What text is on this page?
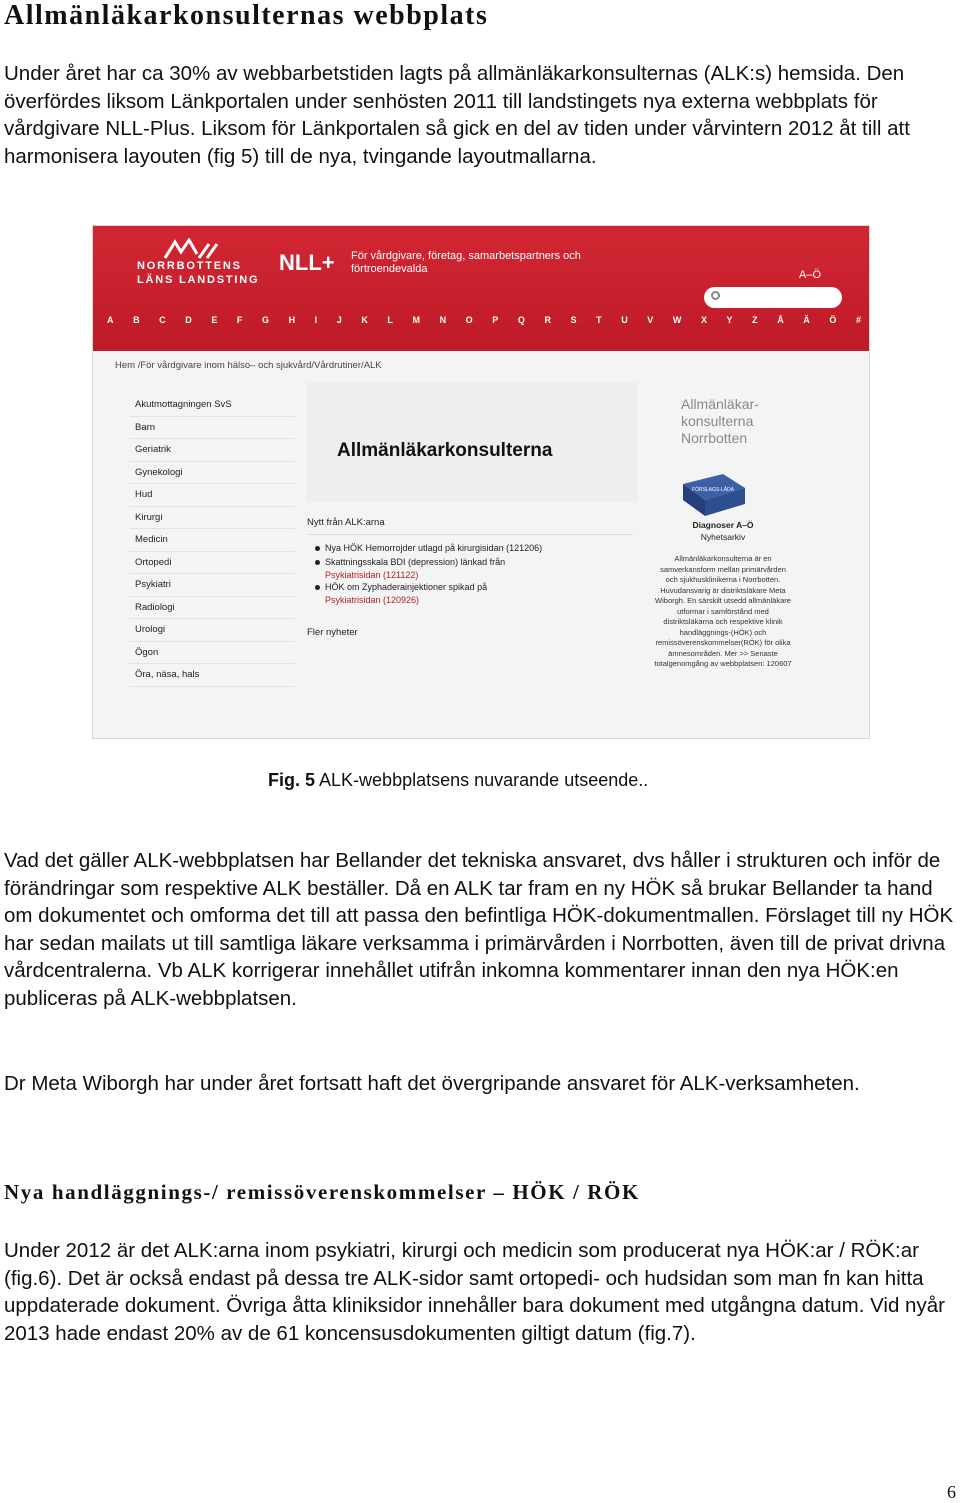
Allmänläkarkonsulternas webbplats

Under året har ca 30% av webbarbetstiden lagts på allmänläkarkonsulternas (ALK:s) hemsida. Den överfördes liksom Länkportalen under senhösten 2011 till landstingets nya externa webbplats för vårdgivare NLL-Plus. Liksom för Länkportalen så gick en del av tiden under vårvintern 2012 åt till att harmonisera layouten (fig 5) till de nya, tvingande layoutmallarna.

NORRBOTTENS
LÄNS LANDSTING
NLL+ För vårdgivare, företag, samarbetspartners och förtroendevalda	A–Ö
A B C D E F G H I J K L M N O P Q R S T U V W X Y Z Å Ä Ö #
Hem /För vårdgivare inom hälso– och sjukvård/Vårdrutiner/ALK
Akutmottagningen SvS
Barn
Geriatrik
Gynekologi
Hud
Kirurgi
Medicin
Ortopedi
Psykiatri
Radiologi
Urologi
Ögon
Öra, näsa, hals
Allmänläkarkonsulterna
Nytt från ALK:arna
Nya HÖK Hemorrojder utlagd på kirurgisidan (121206)
Skattningsskala BDI (depression) länkad från
Psykiatrisidan (121122)
HÖK om Zyphaderainjektioner spikad på
Psykiatrisidan (120926)
Fler nyheter
Allmänläkar-konsulterna Norrbotten
FÖRSLAGS-LÅDA
Diagnoser A–Ö
Nyhetsarkiv
Allmänläkarkonsulterna är en samverkansform mellan primärvården och sjukhusklinikerna i Norrbotten. Huvudansvarig är distriktsläkare Meta Wiborgh. En särskilt utsedd allmänläkare utformar i samförstånd med distriktsläkarna och respektive klinik handläggnings-(HÖK) och remissöverenskommelser(RÖK) för olika ämnesområden. Mer >> Senaste totalgenomgång av webbplatsen: 120607
Fig. 5 ALK-webbplatsens nuvarande utseende..

Vad det gäller ALK-webbplatsen har Bellander det tekniska ansvaret, dvs håller i strukturen och inför de förändringar som respektive ALK beställer. Då en ALK tar fram en ny HÖK så brukar Bellander ta hand om dokumentet och omforma det till att passa den befintliga HÖK-dokumentmallen. Förslaget till ny HÖK har sedan mailats ut till samtliga läkare verksamma i primärvården i Norrbotten, även till de privat drivna vårdcentralerna. Vb ALK korrigerar innehållet utifrån inkomna kommentarer innan den nya HÖK:en publiceras på ALK-webbplatsen.

Dr Meta Wiborgh har under året fortsatt haft det övergripande ansvaret för ALK-verksamheten.

Nya handläggnings-/ remissöverenskommelser – HÖK / RÖK

Under 2012 är det ALK:arna inom psykiatri, kirurgi och medicin som producerat nya HÖK:ar / RÖK:ar (fig.6). Det är också endast på dessa tre ALK-sidor samt ortopedi- och hudsidan som man fn kan hitta uppdaterade dokument. Övriga åtta kliniksidor innehåller bara dokument med utgångna datum. Vid nyår 2013 hade endast 20% av de 61 koncensusdokumenten giltigt datum (fig.7).

6
